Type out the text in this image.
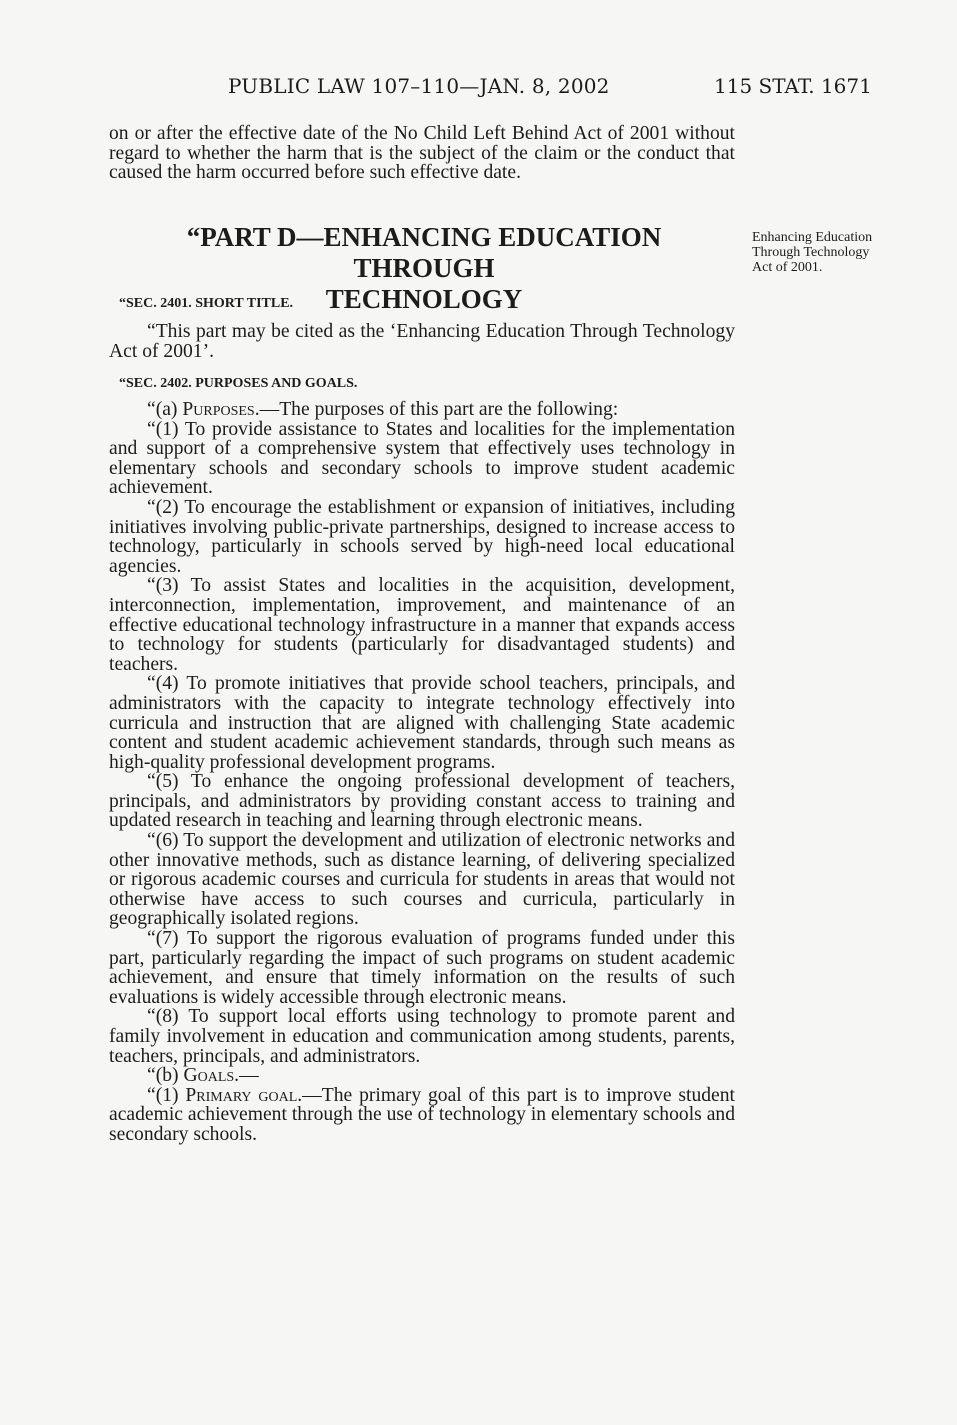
PUBLIC LAW 107–110—JAN. 8, 2002	115 STAT. 1671

on or after the effective date of the No Child Left Behind Act of 2001 without regard to whether the harm that is the subject of the claim or the conduct that caused the harm occurred before such effective date.

“PART D—ENHANCING EDUCATION THROUGH
TECHNOLOGY
Enhancing Education Through Technology Act of 2001.
“SEC. 2401. SHORT TITLE.

“This part may be cited as the ‘Enhancing Education Through Technology Act of 2001’.

“SEC. 2402. PURPOSES AND GOALS.

“(a) Purposes.—The purposes of this part are the following:

“(1) To provide assistance to States and localities for the implementation and support of a comprehensive system that effectively uses technology in elementary schools and secondary schools to improve student academic achievement.

“(2) To encourage the establishment or expansion of initiatives, including initiatives involving public-private partnerships, designed to increase access to technology, particularly in schools served by high-need local educational agencies.

“(3) To assist States and localities in the acquisition, development, interconnection, implementation, improvement, and maintenance of an effective educational technology infrastructure in a manner that expands access to technology for students (particularly for disadvantaged students) and teachers.

“(4) To promote initiatives that provide school teachers, principals, and administrators with the capacity to integrate technology effectively into curricula and instruction that are aligned with challenging State academic content and student academic achievement standards, through such means as high-quality professional development programs.

“(5) To enhance the ongoing professional development of teachers, principals, and administrators by providing constant access to training and updated research in teaching and learning through electronic means.

“(6) To support the development and utilization of electronic networks and other innovative methods, such as distance learning, of delivering specialized or rigorous academic courses and curricula for students in areas that would not otherwise have access to such courses and curricula, particularly in geographically isolated regions.

“(7) To support the rigorous evaluation of programs funded under this part, particularly regarding the impact of such programs on student academic achievement, and ensure that timely information on the results of such evaluations is widely accessible through electronic means.

“(8) To support local efforts using technology to promote parent and family involvement in education and communication among students, parents, teachers, principals, and administrators.

“(b) Goals.—

“(1) Primary goal.—The primary goal of this part is to improve student academic achievement through the use of technology in elementary schools and secondary schools.
